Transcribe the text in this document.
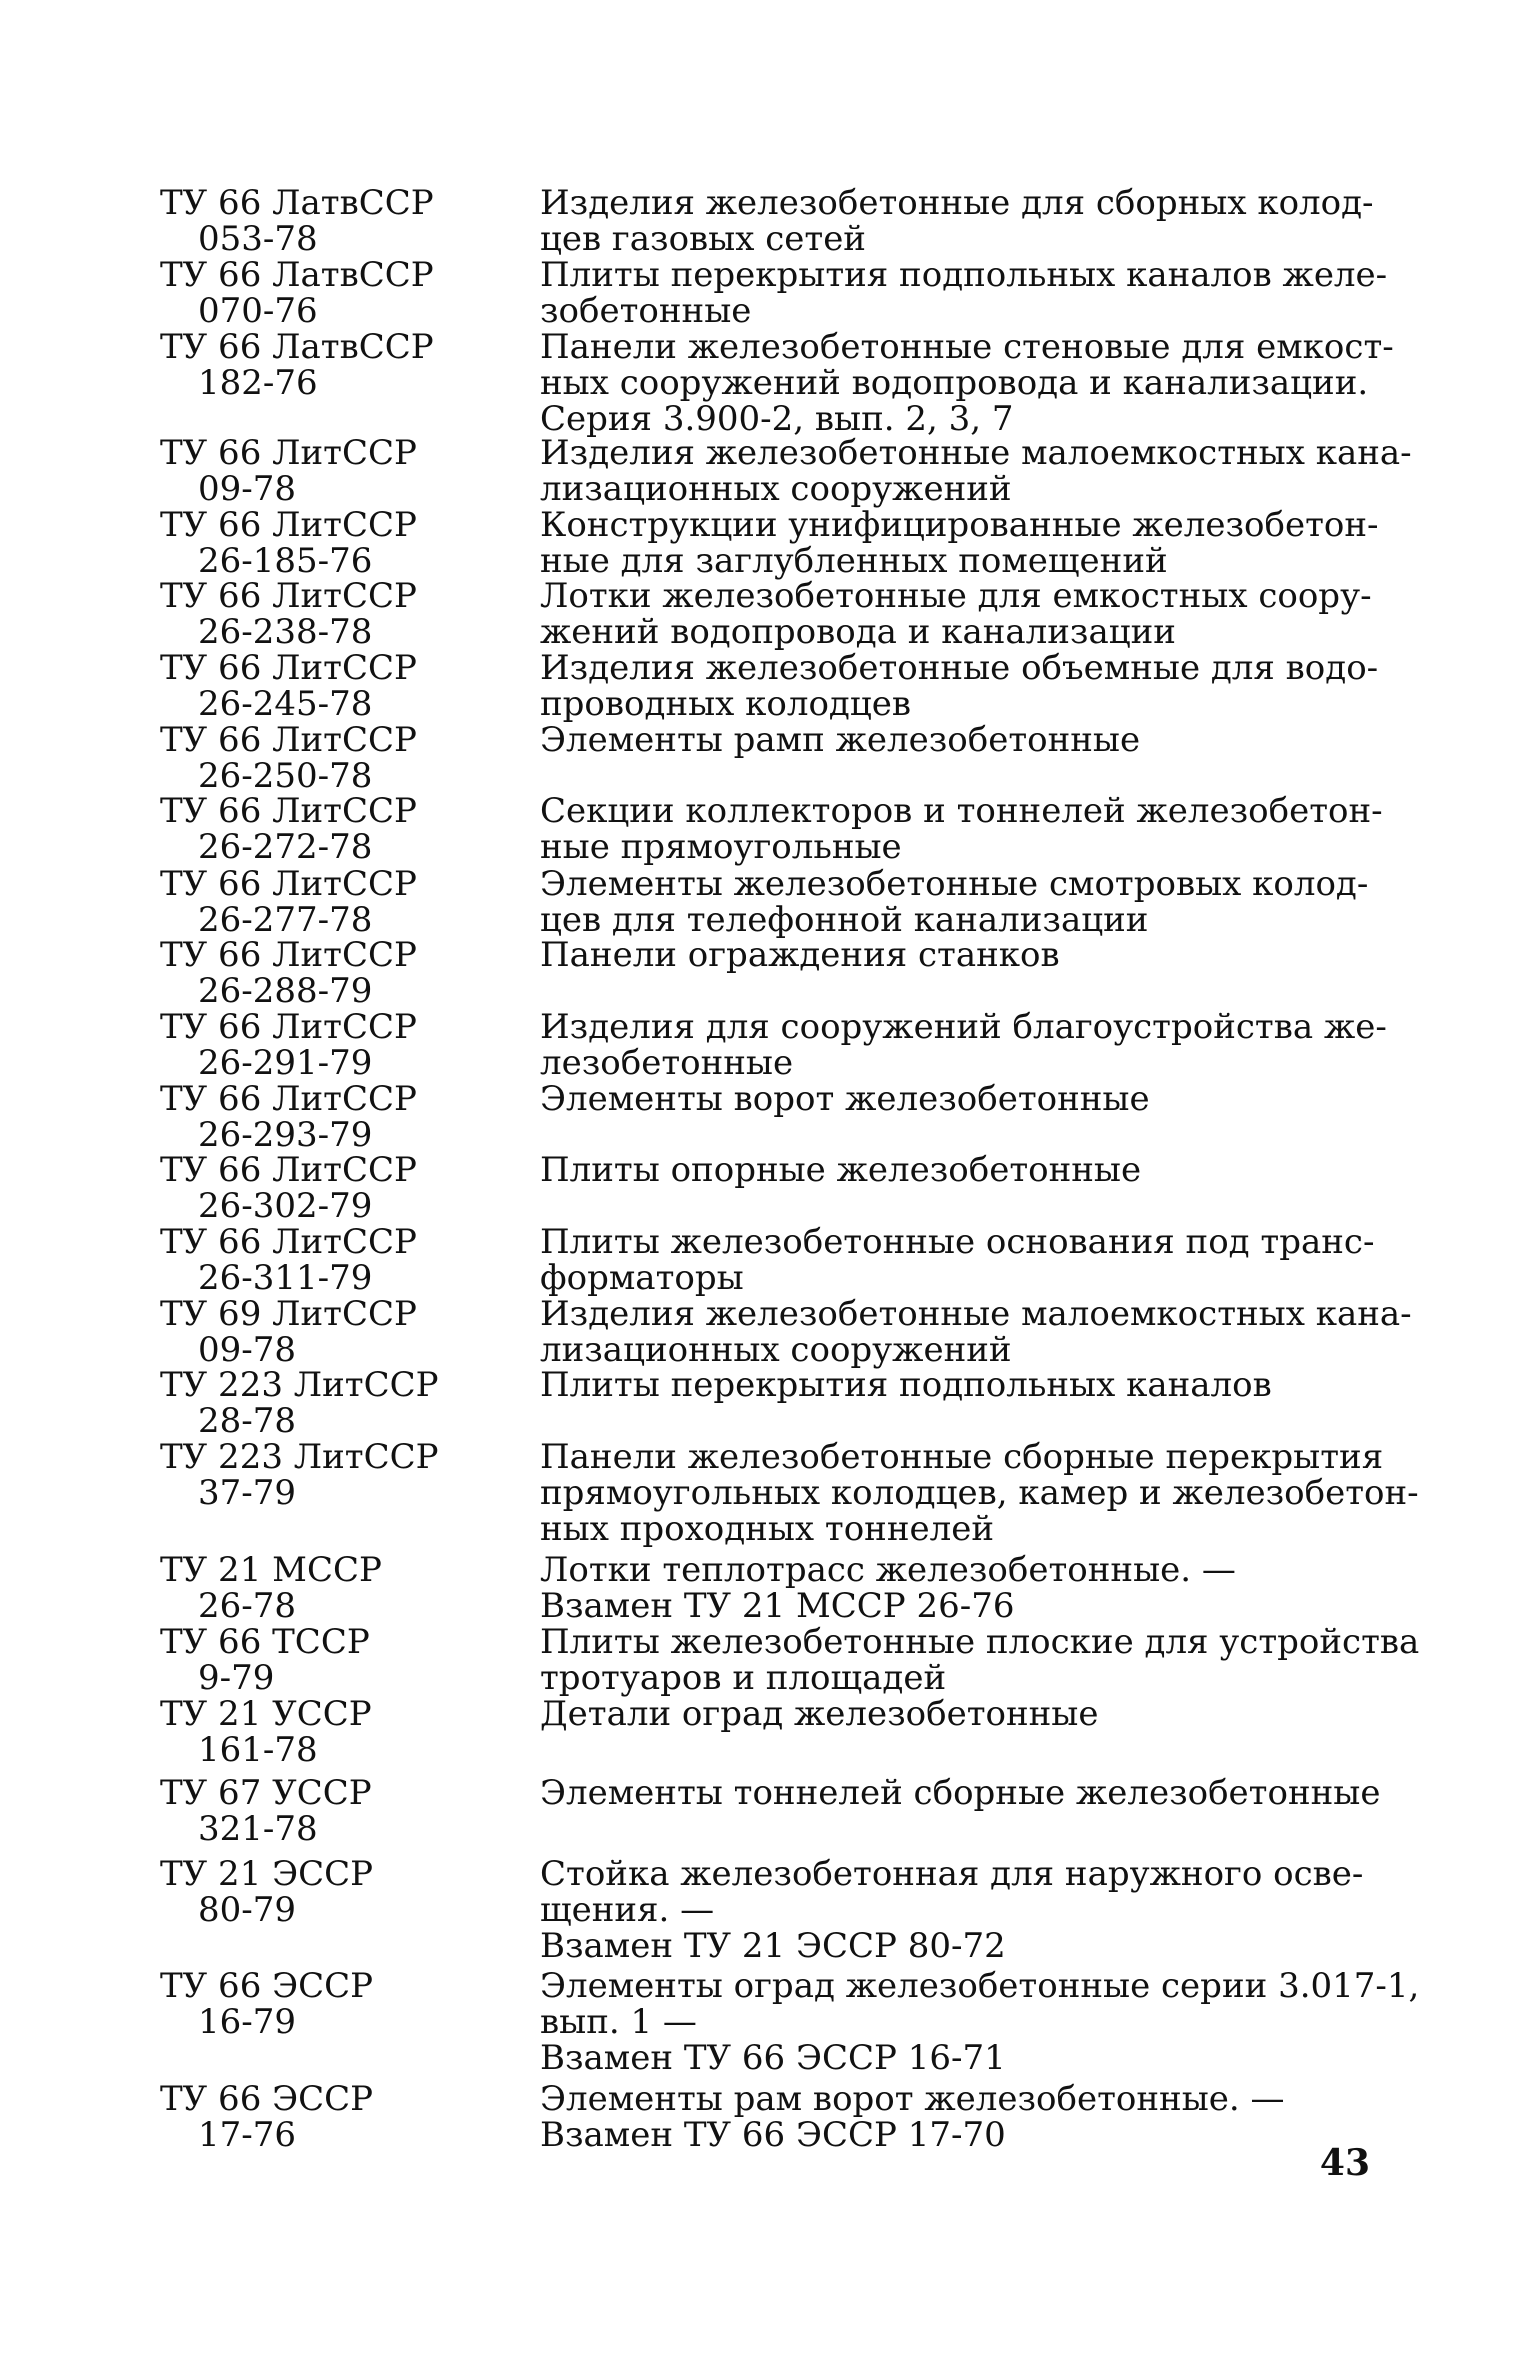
ТУ 66 ЛатвССР
053-78
Изделия железобетонные для сборных колод-
цев газовых сетей
ТУ 66 ЛатвССР
070-76
Плиты перекрытия подпольных каналов желе-
зобетонные
ТУ 66 ЛатвССР
182-76
Панели железобетонные стеновые для емкост-
ных сооружений водопровода и канализации.
Серия 3.900-2, вып. 2, 3, 7
ТУ 66 ЛитССР
09-78
Изделия железобетонные малоемкостных кана-
лизационных сооружений
ТУ 66 ЛитССР
26-185-76
Конструкции унифицированные железобетон-
ные для заглубленных помещений
ТУ 66 ЛитССР
26-238-78
Лотки железобетонные для емкостных соору-
жений водопровода и канализации
ТУ 66 ЛитССР
26-245-78
Изделия железобетонные объемные для водо-
проводных колодцев
ТУ 66 ЛитССР
26-250-78
Элементы рамп железобетонные
ТУ 66 ЛитССР
26-272-78
Секции коллекторов и тоннелей железобетон-
ные прямоугольные
ТУ 66 ЛитССР
26-277-78
Элементы железобетонные смотровых колод-
цев для телефонной канализации
ТУ 66 ЛитССР
26-288-79
Панели ограждения станков
ТУ 66 ЛитССР
26-291-79
Изделия для сооружений благоустройства же-
лезобетонные
ТУ 66 ЛитССР
26-293-79
Элементы ворот железобетонные
ТУ 66 ЛитССР
26-302-79
Плиты опорные железобетонные
ТУ 66 ЛитССР
26-311-79
Плиты железобетонные основания под транс-
форматоры
ТУ 69 ЛитССР
09-78
Изделия железобетонные малоемкостных кана-
лизационных сооружений
ТУ 223 ЛитССР
28-78
Плиты перекрытия подпольных каналов
ТУ 223 ЛитССР
37-79
Панели железобетонные сборные перекрытия
прямоугольных колодцев, камер и железобетон-
ных проходных тоннелей
ТУ 21 МССР
26-78
Лотки теплотрасс железобетонные. —
Взамен ТУ 21 МССР 26-76
ТУ 66 ТССР
9-79
Плиты железобетонные плоские для устройства
тротуаров и площадей
ТУ 21 УССР
161-78
Детали оград железобетонные
ТУ 67 УССР
321-78
Элементы тоннелей сборные железобетонные
ТУ 21 ЭССР
80-79
Стойка железобетонная для наружного осве-
щения. —
Взамен ТУ 21 ЭССР 80-72
ТУ 66 ЭССР
16-79
Элементы оград железобетонные серии 3.017-1,
вып. 1 —
Взамен ТУ 66 ЭССР 16-71
ТУ 66 ЭССР
17-76
Элементы рам ворот железобетонные. —
Взамен ТУ 66 ЭССР 17-70
43
